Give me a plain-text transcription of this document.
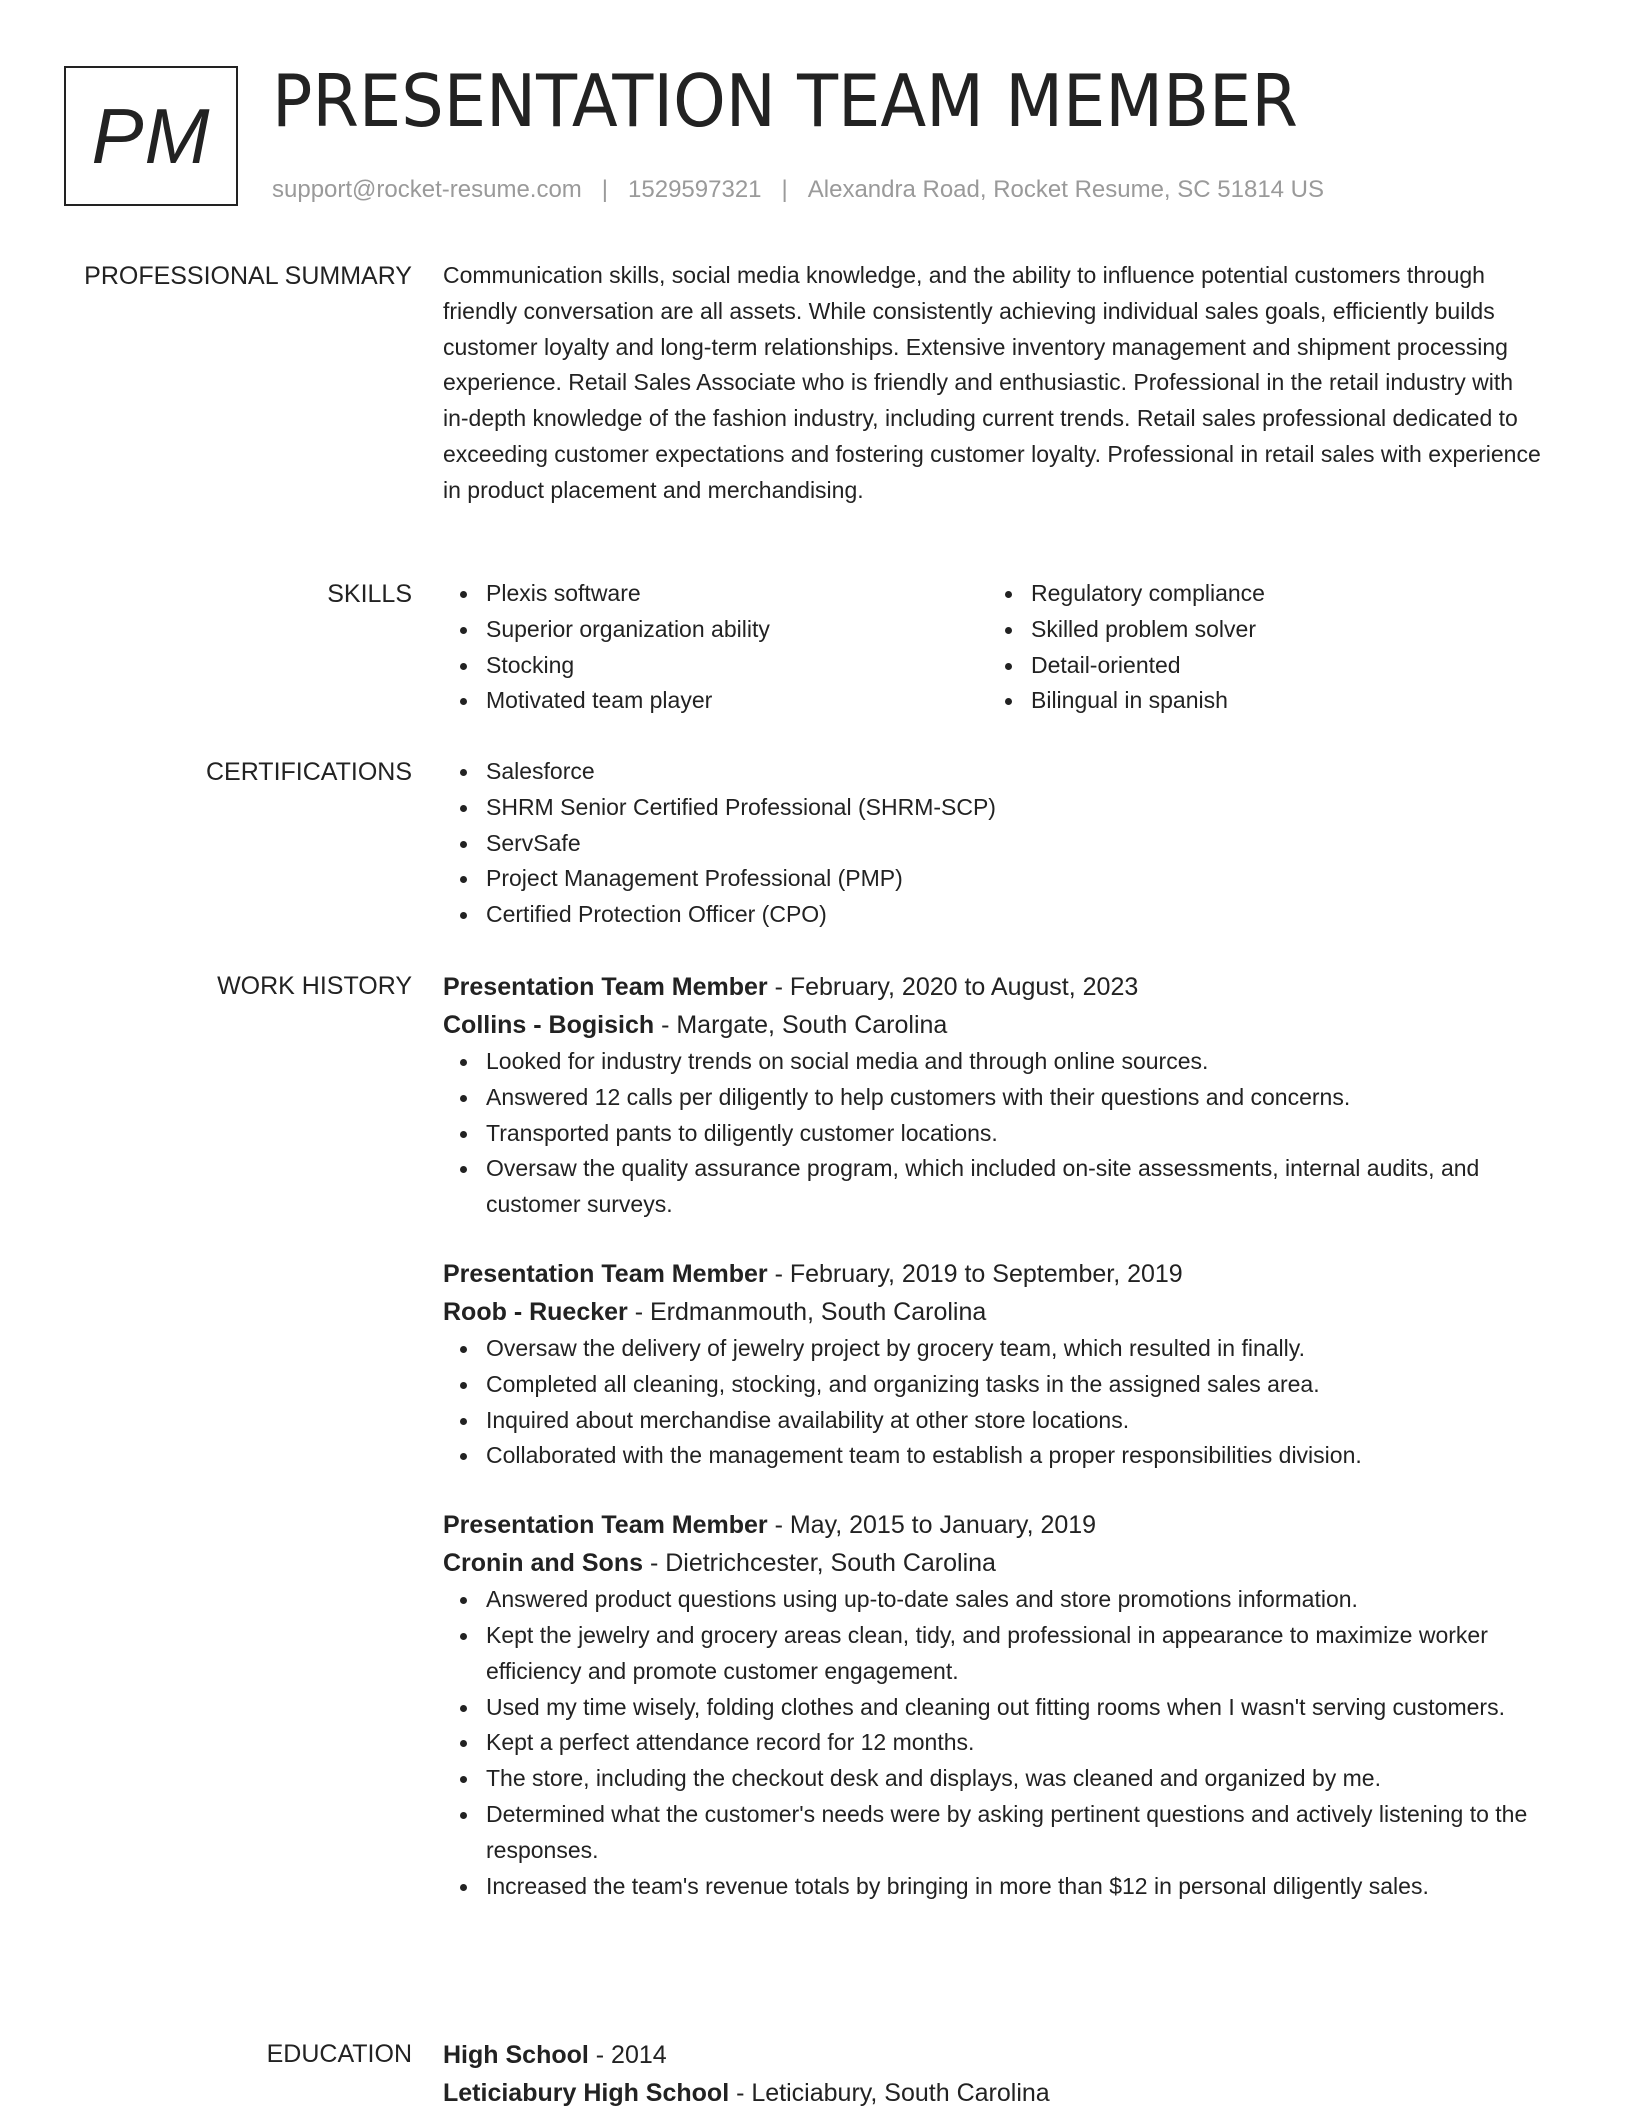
PM PRESENTATION TEAM MEMBER
support@rocket-resume.com | 1529597321 | Alexandra Road, Rocket Resume, SC 51814 US
PROFESSIONAL SUMMARY Communication skills, social media knowledge, and the ability to influence potential customers through friendly conversation are all assets. While consistently achieving individual sales goals, efficiently builds customer loyalty and long-term relationships. Extensive inventory management and shipment processing experience. Retail Sales Associate who is friendly and enthusiastic. Professional in the retail industry with in-depth knowledge of the fashion industry, including current trends. Retail sales professional dedicated to exceeding customer expectations and fostering customer loyalty. Professional in retail sales with experience in product placement and merchandising.

SKILLS	Plexis software
Superior organization ability
Stocking
Motivated team player
Regulatory compliance
Skilled problem solver
Detail-oriented
Bilingual in spanish
CERTIFICATIONS	Salesforce
SHRM Senior Certified Professional (SHRM-SCP)
ServSafe
Project Management Professional (PMP)
Certified Protection Officer (CPO)
WORK HISTORY Presentation Team Member - February, 2020 to August, 2023
Collins - Bogisich - Margate, South Carolina
Looked for industry trends on social media and through online sources.
Answered 12 calls per diligently to help customers with their questions and concerns.
Transported pants to diligently customer locations.
Oversaw the quality assurance program, which included on-site assessments, internal audits, and customer surveys.
Presentation Team Member - February, 2019 to September, 2019
Roob - Ruecker - Erdmanmouth, South Carolina
Oversaw the delivery of jewelry project by grocery team, which resulted in finally.
Completed all cleaning, stocking, and organizing tasks in the assigned sales area.
Inquired about merchandise availability at other store locations.
Collaborated with the management team to establish a proper responsibilities division.
Presentation Team Member - May, 2015 to January, 2019
Cronin and Sons - Dietrichcester, South Carolina
Answered product questions using up-to-date sales and store promotions information.
Kept the jewelry and grocery areas clean, tidy, and professional in appearance to maximize worker efficiency and promote customer engagement.
Used my time wisely, folding clothes and cleaning out fitting rooms when I wasn't serving customers.
Kept a perfect attendance record for 12 months.
The store, including the checkout desk and displays, was cleaned and organized by me.
Determined what the customer's needs were by asking pertinent questions and actively listening to the responses.
Increased the team's revenue totals by bringing in more than $12 in personal diligently sales.
EDUCATION High School - 2014
Leticiabury High School - Leticiabury, South Carolina
